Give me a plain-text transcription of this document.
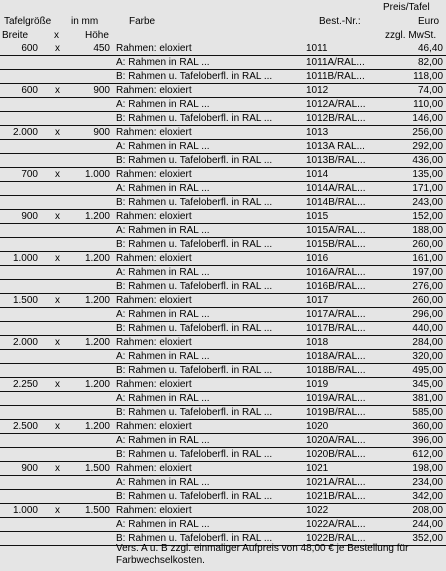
Preis/Tafel
Tafelgröße in mm	Farbe	Best.-Nr.:	Euro
Breite	x	Höhe	zzgl. MwSt.
600 x	450 Rahmen: eloxiert	1011	46,40
A: Rahmen in RAL ...	1011A/RAL...	82,00
B: Rahmen u. Tafeloberfl. in RAL ...	1011B/RAL...	118,00
600 x	900 Rahmen: eloxiert	1012	74,00
A: Rahmen in RAL ...	1012A/RAL...	110,00
B: Rahmen u. Tafeloberfl. in RAL ...	1012B/RAL...	146,00
2.000 x	900 Rahmen: eloxiert	1013	256,00
A: Rahmen in RAL ...	1013A RAL...	292,00
B: Rahmen u. Tafeloberfl. in RAL ...	1013B/RAL...	436,00
700 x	1.000 Rahmen: eloxiert	1014	135,00
A: Rahmen in RAL ...	1014A/RAL...	171,00
B: Rahmen u. Tafeloberfl. in RAL ...	1014B/RAL...	243,00
900 x	1.200 Rahmen: eloxiert	1015	152,00
A: Rahmen in RAL ...	1015A/RAL...	188,00
B: Rahmen u. Tafeloberfl. in RAL ...	1015B/RAL...	260,00
1.000 x	1.200 Rahmen: eloxiert	1016	161,00
A: Rahmen in RAL ...	1016A/RAL...	197,00
B: Rahmen u. Tafeloberfl. in RAL ...	1016B/RAL...	276,00
1.500 x	1.200 Rahmen: eloxiert	1017	260,00
A: Rahmen in RAL ...	1017A/RAL...	296,00
B: Rahmen u. Tafeloberfl. in RAL ...	1017B/RAL...	440,00
2.000 x	1.200 Rahmen: eloxiert	1018	284,00
A: Rahmen in RAL ...	1018A/RAL...	320,00
B: Rahmen u. Tafeloberfl. in RAL ...	1018B/RAL...	495,00
2.250 x	1.200 Rahmen: eloxiert	1019	345,00
A: Rahmen in RAL ...	1019A/RAL...	381,00
B: Rahmen u. Tafeloberfl. in RAL ...	1019B/RAL...	585,00
2.500 x	1.200 Rahmen: eloxiert	1020	360,00
A: Rahmen in RAL ...	1020A/RAL...	396,00
B: Rahmen u. Tafeloberfl. in RAL ...	1020B/RAL...	612,00
900 x	1.500 Rahmen: eloxiert	1021	198,00
A: Rahmen in RAL ...	1021A/RAL...	234,00
B: Rahmen u. Tafeloberfl. in RAL ...	1021B/RAL...	342,00
1.000 x	1.500 Rahmen: eloxiert	1022	208,00
A: Rahmen in RAL ...	1022A/RAL...	244,00
B: Rahmen u. Tafeloberfl. in RAL ...	1022B/RAL...	352,00
Vers. A u. B zzgl. einmaliger Aufpreis von 48,00 € je Bestellung für Farbwechselkosten.
